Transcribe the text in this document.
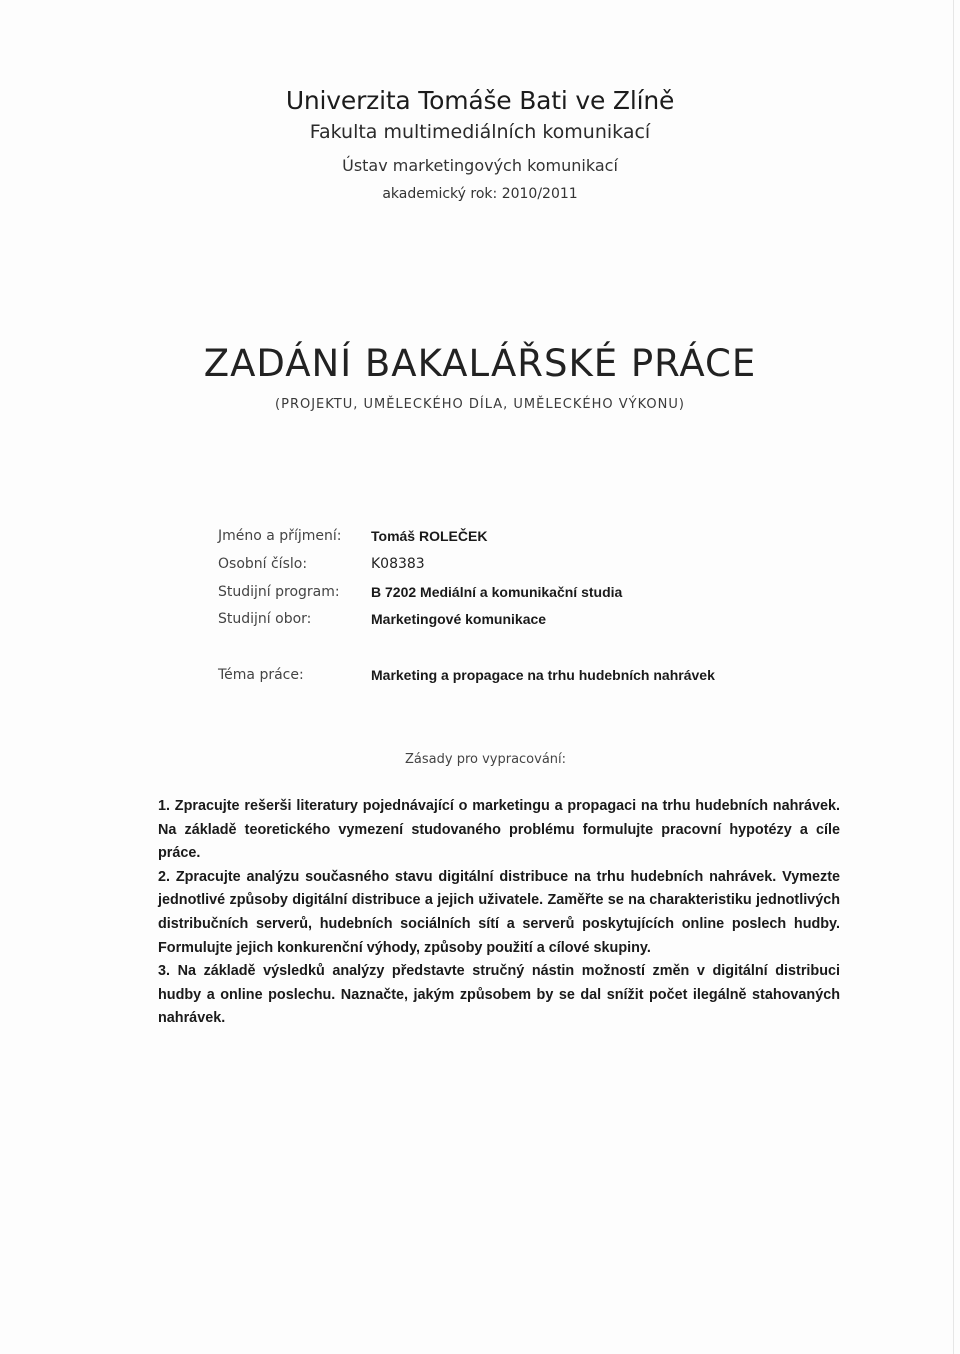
Univerzita Tomáše Bati ve Zlíně
Fakulta multimediálních komunikací
Ústav marketingových komunikací
akademický rok: 2010/2011
ZADÁNÍ BAKALÁŘSKÉ PRÁCE
(PROJEKTU, UMĚLECKÉHO DÍLA, UMĚLECKÉHO VÝKONU)
Jméno a příjmení: Tomáš ROLEČEK
Osobní číslo:	K08383
Studijní program: B 7202 Mediální a komunikační studia
Studijní obor:	Marketingové komunikace
Téma práce:	Marketing a propagace na trhu hudebních nahrávek
Zásady pro vypracování:

1. Zpracujte rešerši literatury pojednávající o marketingu a propagaci na trhu hudebních nahrávek. Na základě teoretického vymezení studovaného problému formulujte pracovní hypotézy a cíle práce.

2. Zpracujte analýzu současného stavu digitální distribuce na trhu hudebních nahrávek. Vymezte jednotlivé způsoby digitální distribuce a jejich uživatele. Zaměřte se na charakteristiku jednotlivých distribučních serverů, hudebních sociálních sítí a serverů poskytujících online poslech hudby. Formulujte jejich konkurenční výhody, způsoby použití a cílové skupiny.

3. Na základě výsledků analýzy představte stručný nástin možností změn v digitální distribuci hudby a online poslechu. Naznačte, jakým způsobem by se dal snížit počet ilegálně stahovaných nahrávek.
